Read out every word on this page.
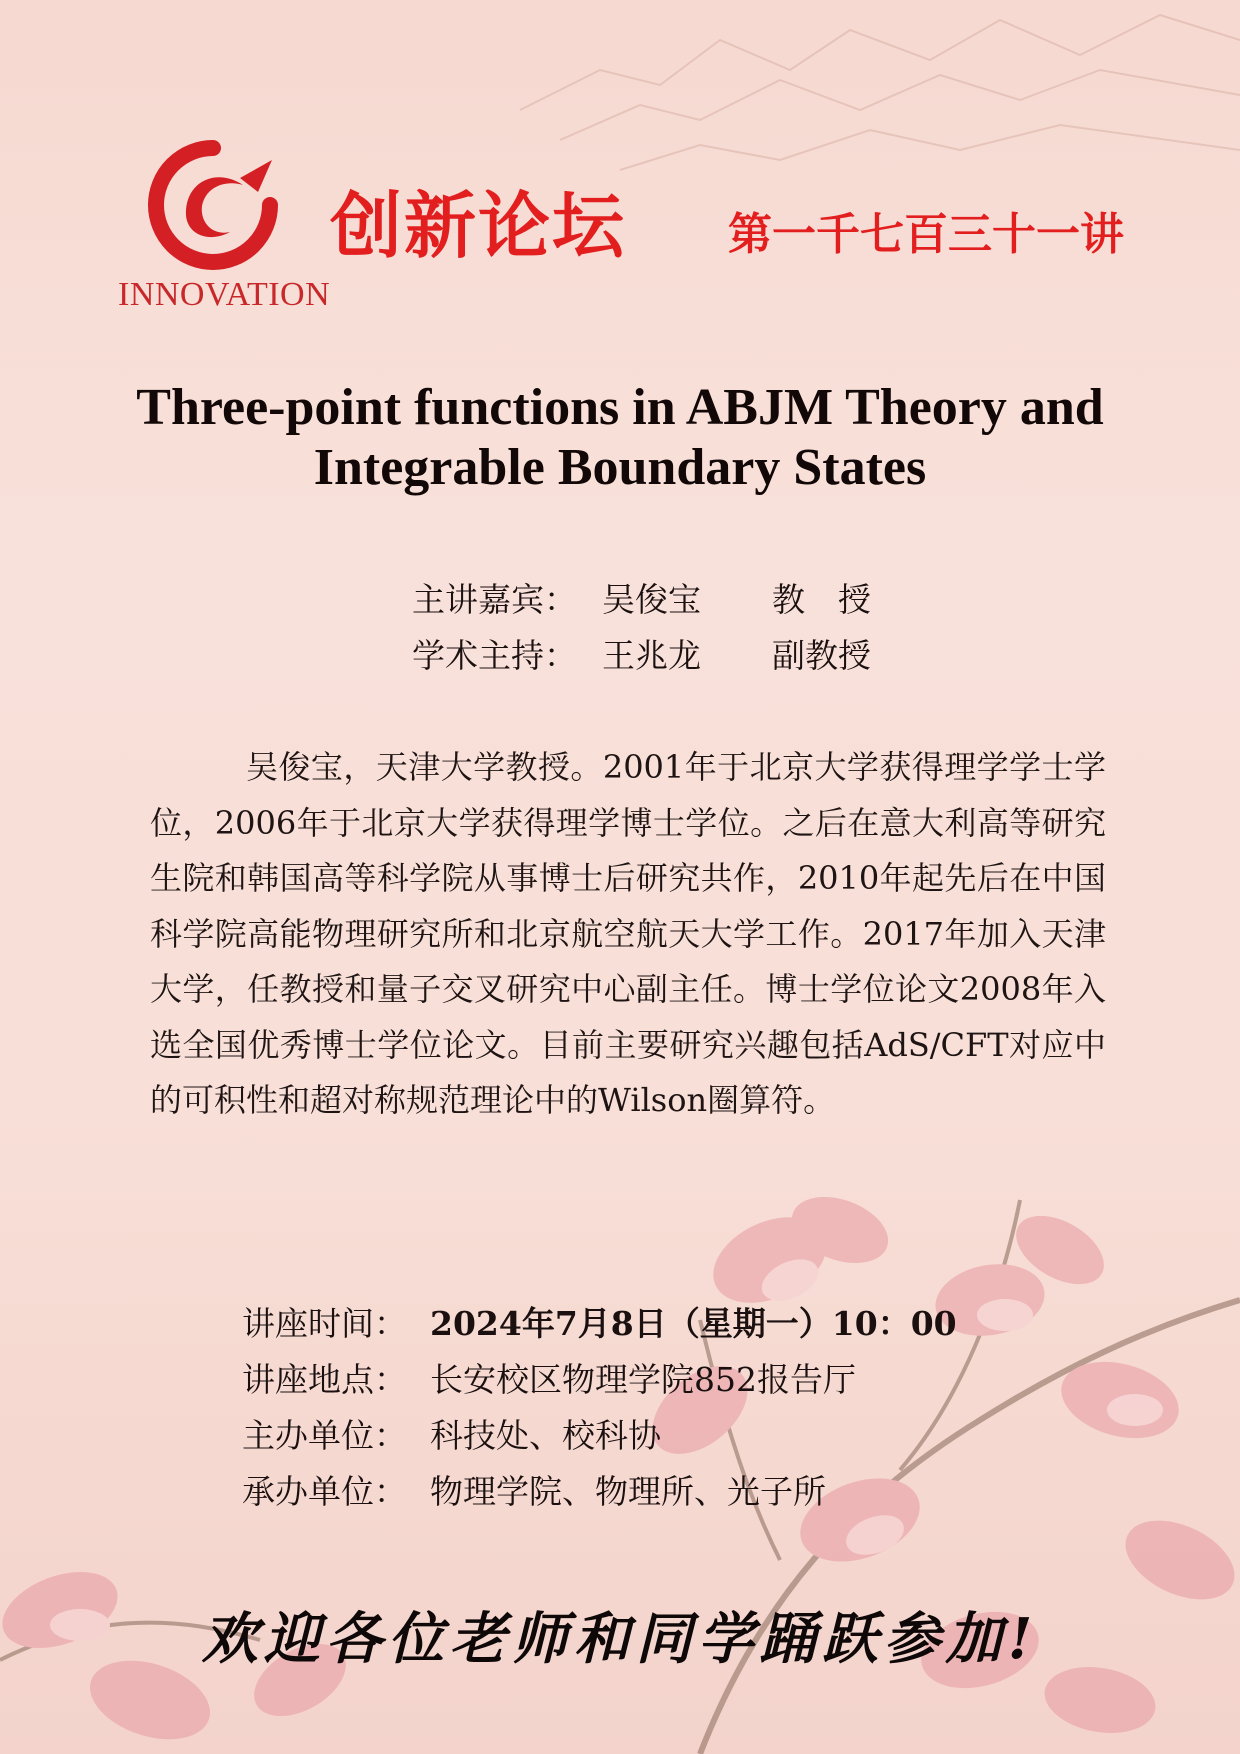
INNOVATION
创新论坛 第一千七百三十一讲
Three-point functions in ABJM Theory and
Integrable Boundary States
主讲嘉宾： 吴俊宝 教　授
学术主持： 王兆龙 副教授
吴俊宝，天津大学教授。2001年于北京大学获得理学学士学位，2006年于北京大学获得理学博士学位。之后在意大利高等研究生院和韩国高等科学院从事博士后研究共作，2010年起先后在中国科学院高能物理研究所和北京航空航天大学工作。2017年加入天津大学，任教授和量子交叉研究中心副主任。博士学位论文2008年入选全国优秀博士学位论文。目前主要研究兴趣包括AdS/CFT对应中的可积性和超对称规范理论中的Wilson圈算符。
讲座时间： 2024年7月8日（星期一）10：00
讲座地点： 长安校区物理学院852报告厅
主办单位： 科技处、校科协
承办单位： 物理学院、物理所、光子所
欢迎各位老师和同学踊跃参加!
